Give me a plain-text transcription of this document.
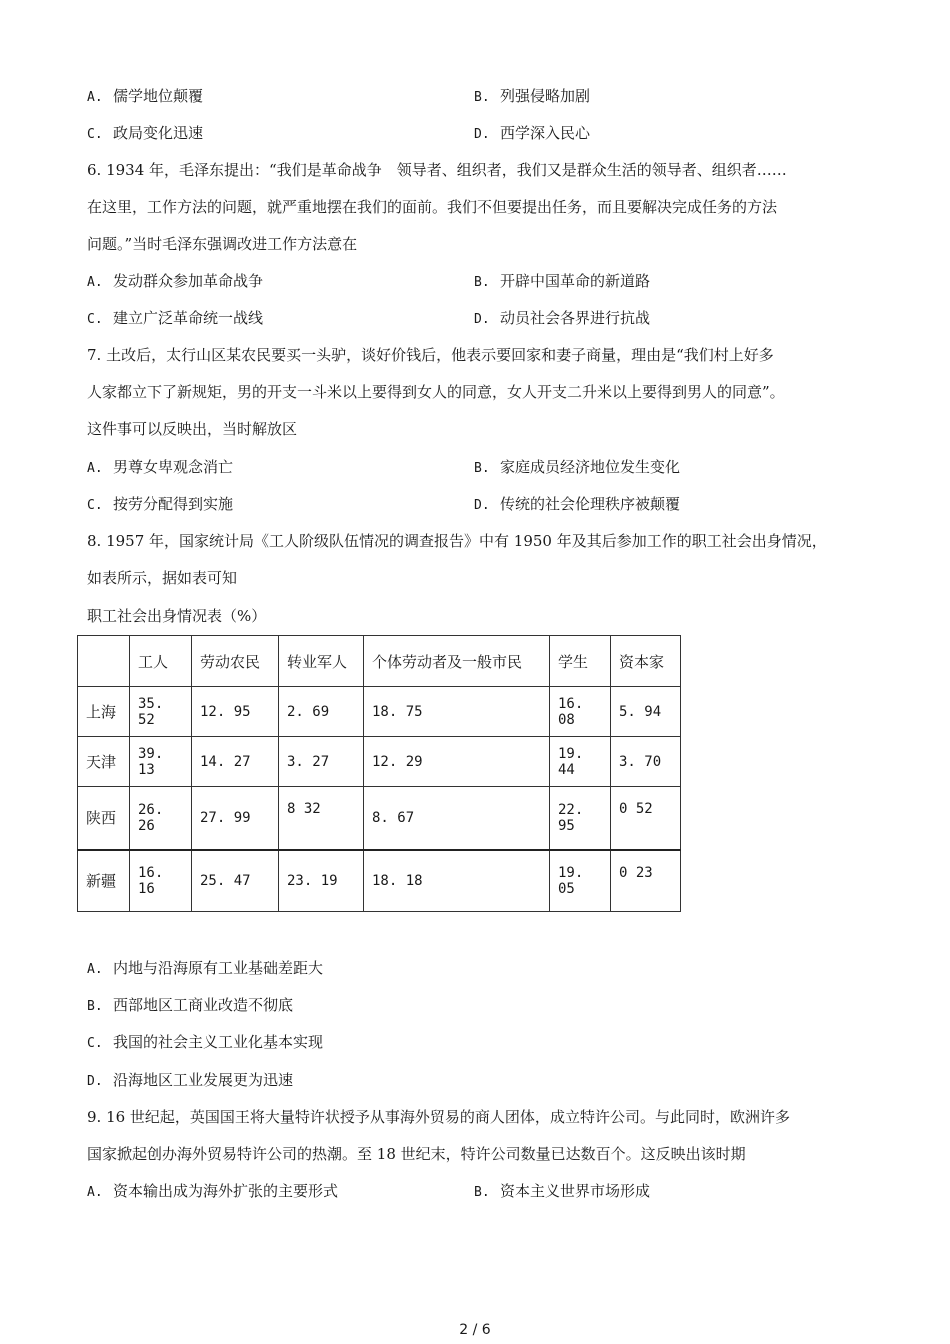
A. 儒学地位颠覆	B. 列强侵略加剧
C. 政局变化迅速	D. 西学深入民心
6. 1934 年，毛泽东提出：“我们是革命战争　领导者、组织者，我们又是群众生活的领导者、组织者……
在这里，工作方法的问题，就严重地摆在我们的面前。我们不但要提出任务，而且要解决完成任务的方法
问题。”当时毛泽东强调改进工作方法意在
A. 发动群众参加革命战争	B. 开辟中国革命的新道路
C. 建立广泛革命统一战线	D. 动员社会各界进行抗战
7. 土改后，太行山区某农民要买一头驴，谈好价钱后，他表示要回家和妻子商量，理由是“我们村上好多
人家都立下了新规矩，男的开支一斗米以上要得到女人的同意，女人开支二升米以上要得到男人的同意”。
这件事可以反映出，当时解放区
A. 男尊女卑观念消亡	B. 家庭成员经济地位发生变化
C. 按劳分配得到实施	D. 传统的社会伦理秩序被颠覆
8. 1957 年，国家统计局《工人阶级队伍情况的调查报告》中有 1950 年及其后参加工作的职工社会出身情况，
如表所示，据如表可知
职工社会出身情况表（%）
	工人	劳动农民	转业军人	个体劳动者及一般市民	学生	资本家
上海	35. 52	12. 95	2. 69	18. 75	16. 08	5. 94
天津	39. 13	14. 27	3. 27	12. 29	19. 44	3. 70
陕西	26. 26	27. 99	8 32	8. 67	22. 95	0 52
新疆	16. 16	25. 47	23. 19	18. 18	19. 05	0 23
A. 内地与沿海原有工业基础差距大
B. 西部地区工商业改造不彻底
C. 我国的社会主义工业化基本实现
D. 沿海地区工业发展更为迅速
9. 16 世纪起，英国国王将大量特许状授予从事海外贸易的商人团体，成立特许公司。与此同时，欧洲许多
国家掀起创办海外贸易特许公司的热潮。至 18 世纪末，特许公司数量已达数百个。这反映出该时期
A. 资本输出成为海外扩张的主要形式	B. 资本主义世界市场形成
2 / 6
